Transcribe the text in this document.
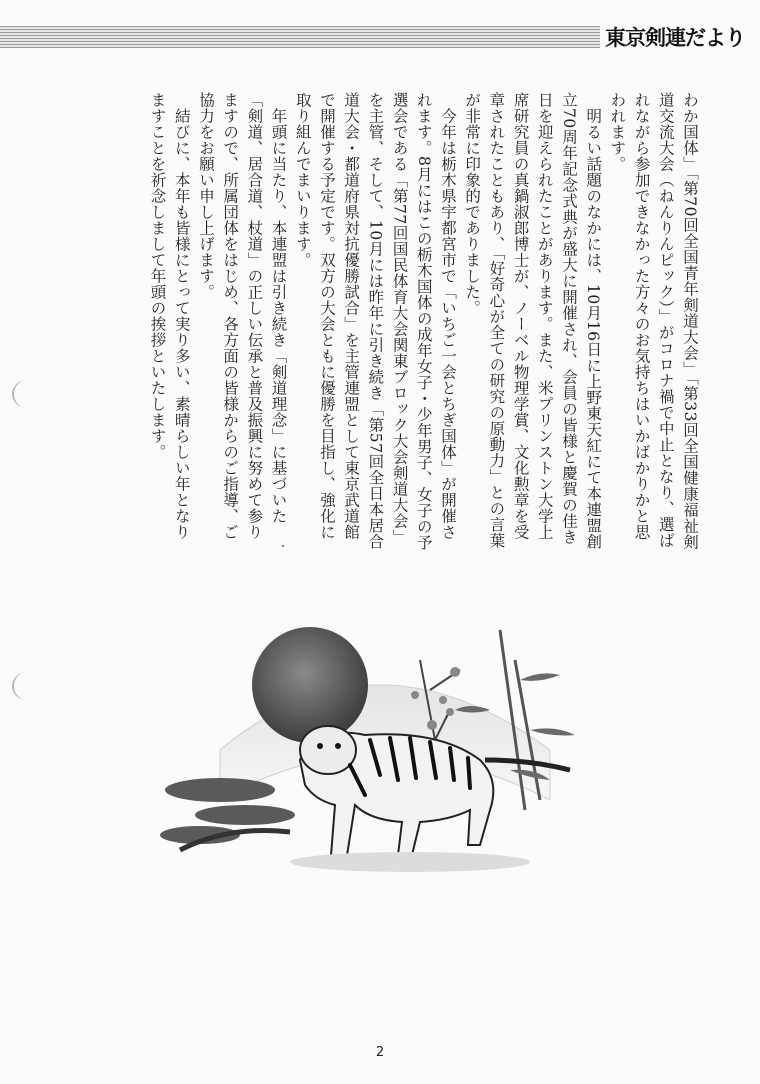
東京剣連だより

わか国体」「第70回全国青年剣道大会」「第33回全国健康福祉剣道交流大会（ねんりんピック）」がコロナ禍で中止となり、選ばれながら参加できなかった方々のお気持ちはいかばかりかと思われます。

明るい話題のなかには、10月16日に上野東天紅にて本連盟創立70周年記念式典が盛大に開催され、会員の皆様と慶賀の佳き日を迎えられたことがあります。また、米プリンストン大学上席研究員の真鍋淑郎博士が、ノーベル物理学賞、文化勲章を受章されたこともあり、「好奇心が全ての研究の原動力」との言葉が非常に印象的でありました。

今年は栃木県宇都宮市で「いちご一会とちぎ国体」が開催されます。8月にはこの栃木国体の成年女子・少年男子、女子の予選会である「第77回国民体育大会関東ブロック大会剣道大会」を主管、そして、10月には昨年に引き続き「第57回全日本居合道大会・都道府県対抗優勝試合」を主管連盟として東京武道館で開催する予定です。双方の大会ともに優勝を目指し、強化に取り組んでまいります。

年頭に当たり、本連盟は引き続き「剣道理念」に基づいた「剣道、居合道、杖道」の正しい伝承と普及振興に努めて参りますので、所属団体をはじめ、各方面の皆様からのご指導、ご協力をお願い申し上げます。

結びに、本年も皆様にとって実り多い、素晴らしい年となりますことを祈念しまして年頭の挨拶といたします。

2
